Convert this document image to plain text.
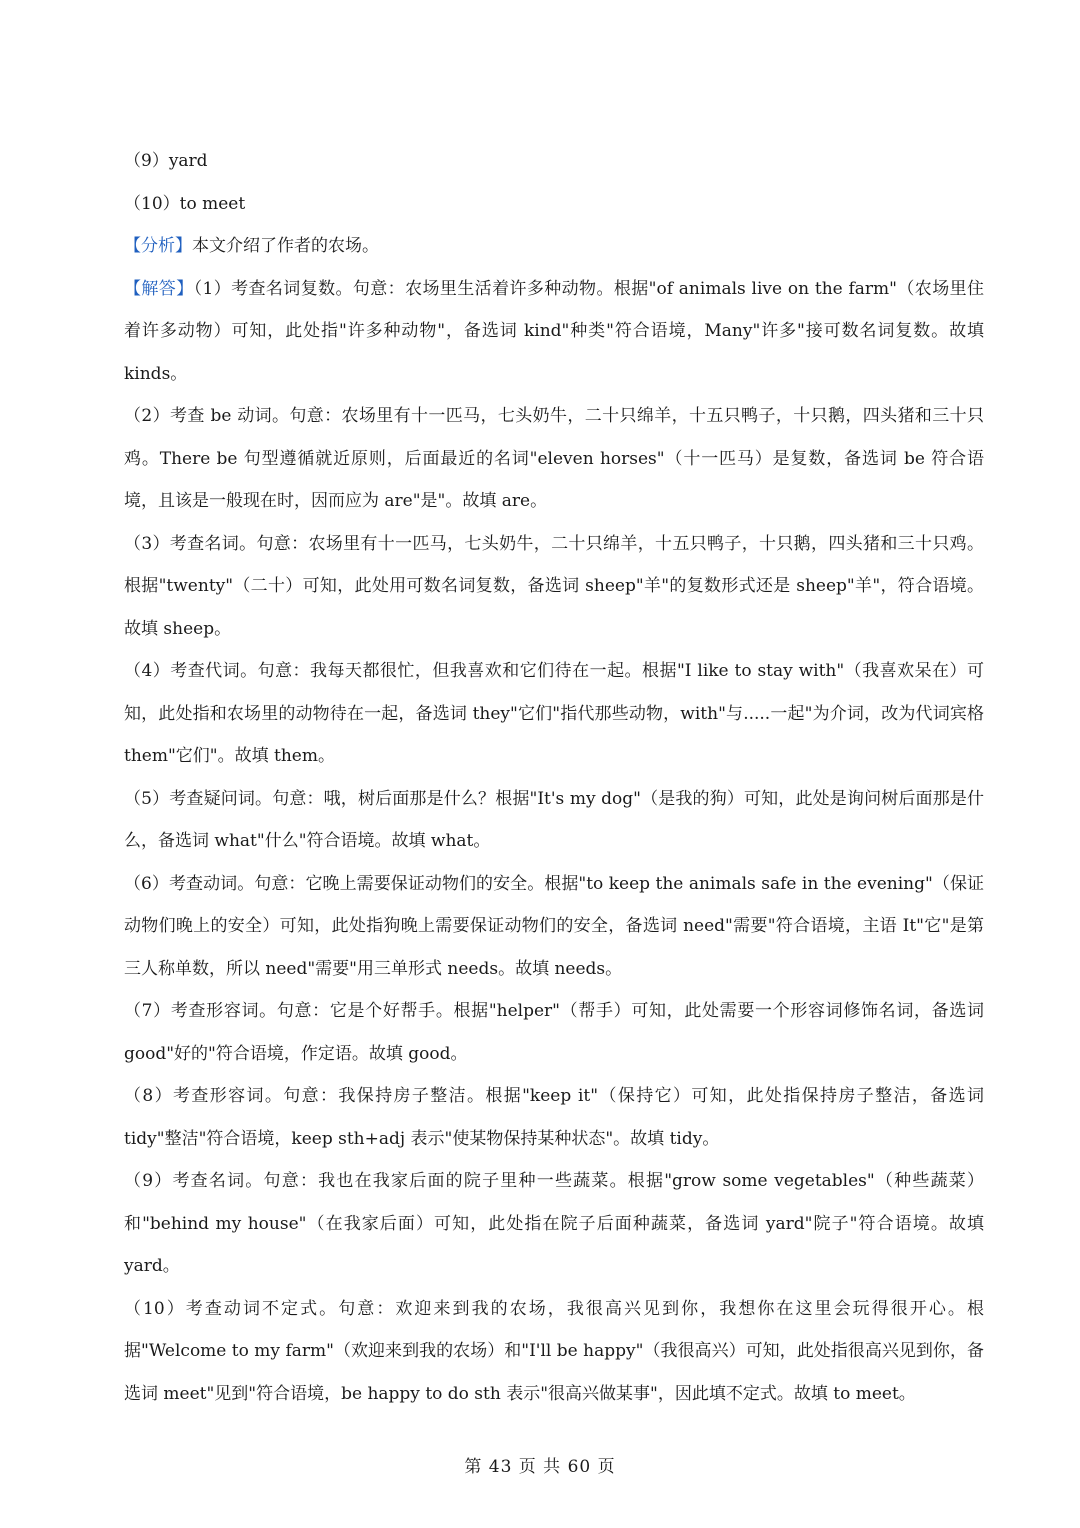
（9）yard
（10）to meet
【分析】本文介绍了作者的农场。
【解答】（1）考查名词复数。句意：农场里生活着许多种动物。根据"of animals live on the farm"（农场里住着许多动物）可知，此处指"许多种动物"，备选词 kind"种类"符合语境，Many"许多"接可数名词复数。故填 kinds。
（2）考查 be 动词。句意：农场里有十一匹马，七头奶牛，二十只绵羊，十五只鸭子，十只鹅，四头猪和三十只鸡。There be 句型遵循就近原则，后面最近的名词"eleven horses"（十一匹马）是复数，备选词 be 符合语境，且该是一般现在时，因而应为 are"是"。故填 are。
（3）考查名词。句意：农场里有十一匹马，七头奶牛，二十只绵羊，十五只鸭子，十只鹅，四头猪和三十只鸡。根据"twenty"（二十）可知，此处用可数名词复数，备选词 sheep"羊"的复数形式还是 sheep"羊"，符合语境。故填 sheep。
（4）考查代词。句意：我每天都很忙，但我喜欢和它们待在一起。根据"I like to stay with"（我喜欢呆在）可知，此处指和农场里的动物待在一起，备选词 they"它们"指代那些动物，with"与.....一起"为介词，改为代词宾格 them"它们"。故填 them。
（5）考查疑问词。句意：哦，树后面那是什么？根据"It's my dog"（是我的狗）可知，此处是询问树后面那是什么，备选词 what"什么"符合语境。故填 what。
（6）考查动词。句意：它晚上需要保证动物们的安全。根据"to keep the animals safe in the evening"（保证动物们晚上的安全）可知，此处指狗晚上需要保证动物们的安全，备选词 need"需要"符合语境，主语 It"它"是第三人称单数，所以 need"需要"用三单形式 needs。故填 needs。
（7）考查形容词。句意：它是个好帮手。根据"helper"（帮手）可知，此处需要一个形容词修饰名词，备选词 good"好的"符合语境，作定语。故填 good。
（8）考查形容词。句意：我保持房子整洁。根据"keep it"（保持它）可知，此处指保持房子整洁，备选词 tidy"整洁"符合语境，keep sth+adj 表示"使某物保持某种状态"。故填 tidy。
（9）考查名词。句意：我也在我家后面的院子里种一些蔬菜。根据"grow some vegetables"（种些蔬菜）和"behind my house"（在我家后面）可知，此处指在院子后面种蔬菜，备选词 yard"院子"符合语境。故填 yard。
（10）考查动词不定式。句意：欢迎来到我的农场，我很高兴见到你，我想你在这里会玩得很开心。根据"Welcome to my farm"（欢迎来到我的农场）和"I'll be happy"（我很高兴）可知，此处指很高兴见到你，备选词 meet"见到"符合语境，be happy to do sth 表示"很高兴做某事"，因此填不定式。故填 to meet。
第 43 页 共 60 页
